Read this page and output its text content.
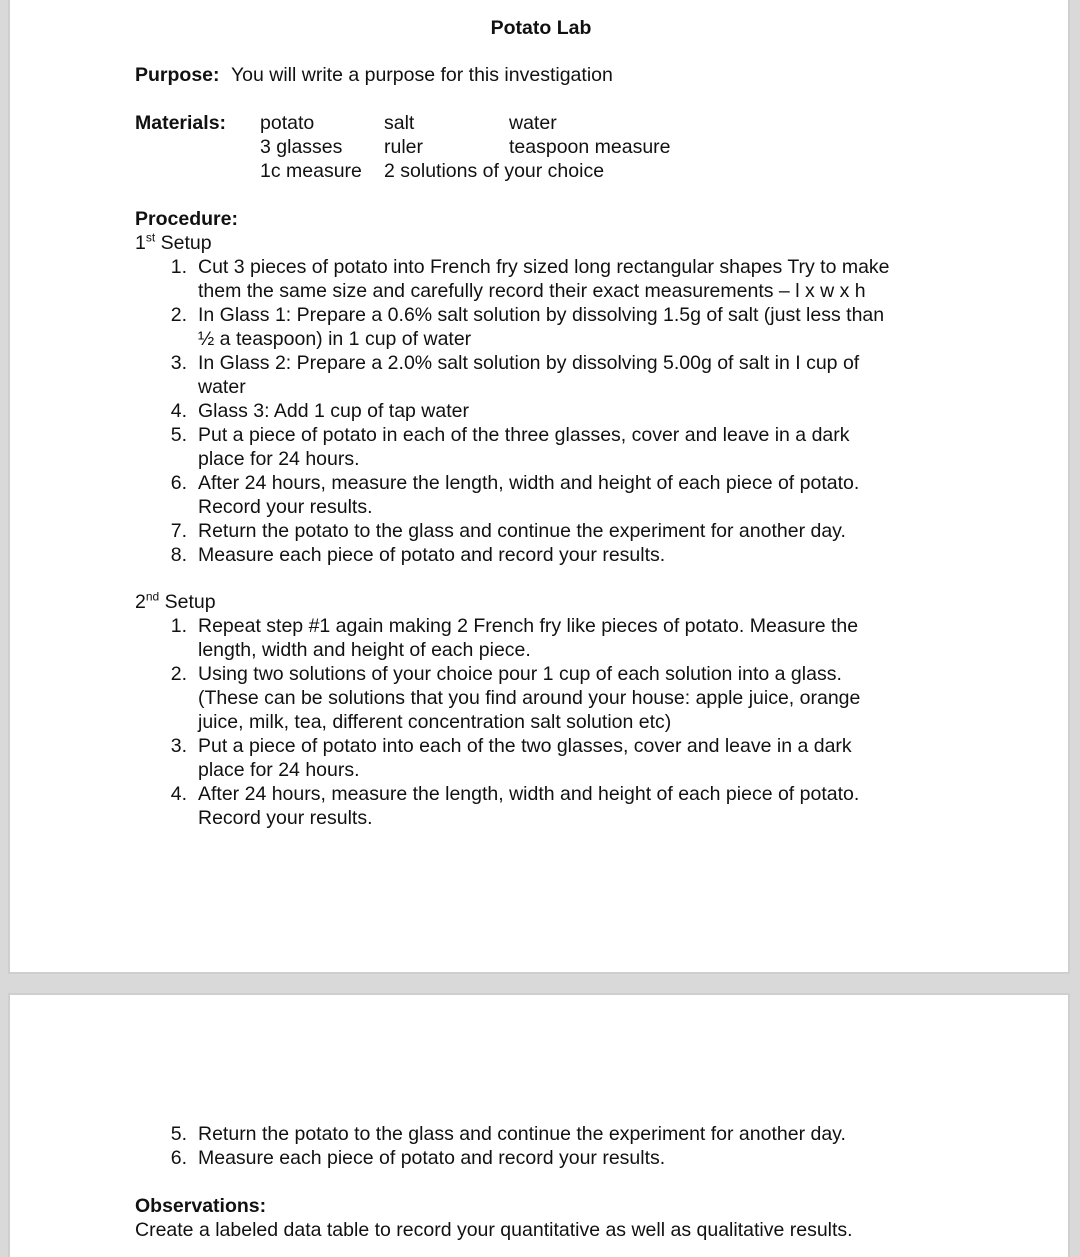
Potato Lab
Purpose: You will write a purpose for this investigation
Materials: potato	salt	water
3 glasses	ruler	teaspoon measure
1c measure	2 solutions of your choice	
Procedure:
1st Setup
1. Cut 3 pieces of potato into French fry sized long rectangular shapes Try to make
them the same size and carefully record their exact measurements – l x w x h
2. In Glass 1: Prepare a 0.6% salt solution by dissolving 1.5g of salt (just less than
½ a teaspoon) in 1 cup of water
3. In Glass 2: Prepare a 2.0% salt solution by dissolving 5.00g of salt in I cup of
water
4. Glass 3: Add 1 cup of tap water
5. Put a piece of potato in each of the three glasses, cover and leave in a dark
place for 24 hours.
6. After 24 hours, measure the length, width and height of each piece of potato.
Record your results.
7. Return the potato to the glass and continue the experiment for another day.
8. Measure each piece of potato and record your results.
2nd Setup
1. Repeat step #1 again making 2 French fry like pieces of potato. Measure the
length, width and height of each piece.
2. Using two solutions of your choice pour 1 cup of each solution into a glass.
(These can be solutions that you find around your house: apple juice, orange
juice, milk, tea, different concentration salt solution etc)
3. Put a piece of potato into each of the two glasses, cover and leave in a dark
place for 24 hours.
4. After 24 hours, measure the length, width and height of each piece of potato.
Record your results.
5. Return the potato to the glass and continue the experiment for another day.
6. Measure each piece of potato and record your results.
Observations:
Create a labeled data table to record your quantitative as well as qualitative results.
